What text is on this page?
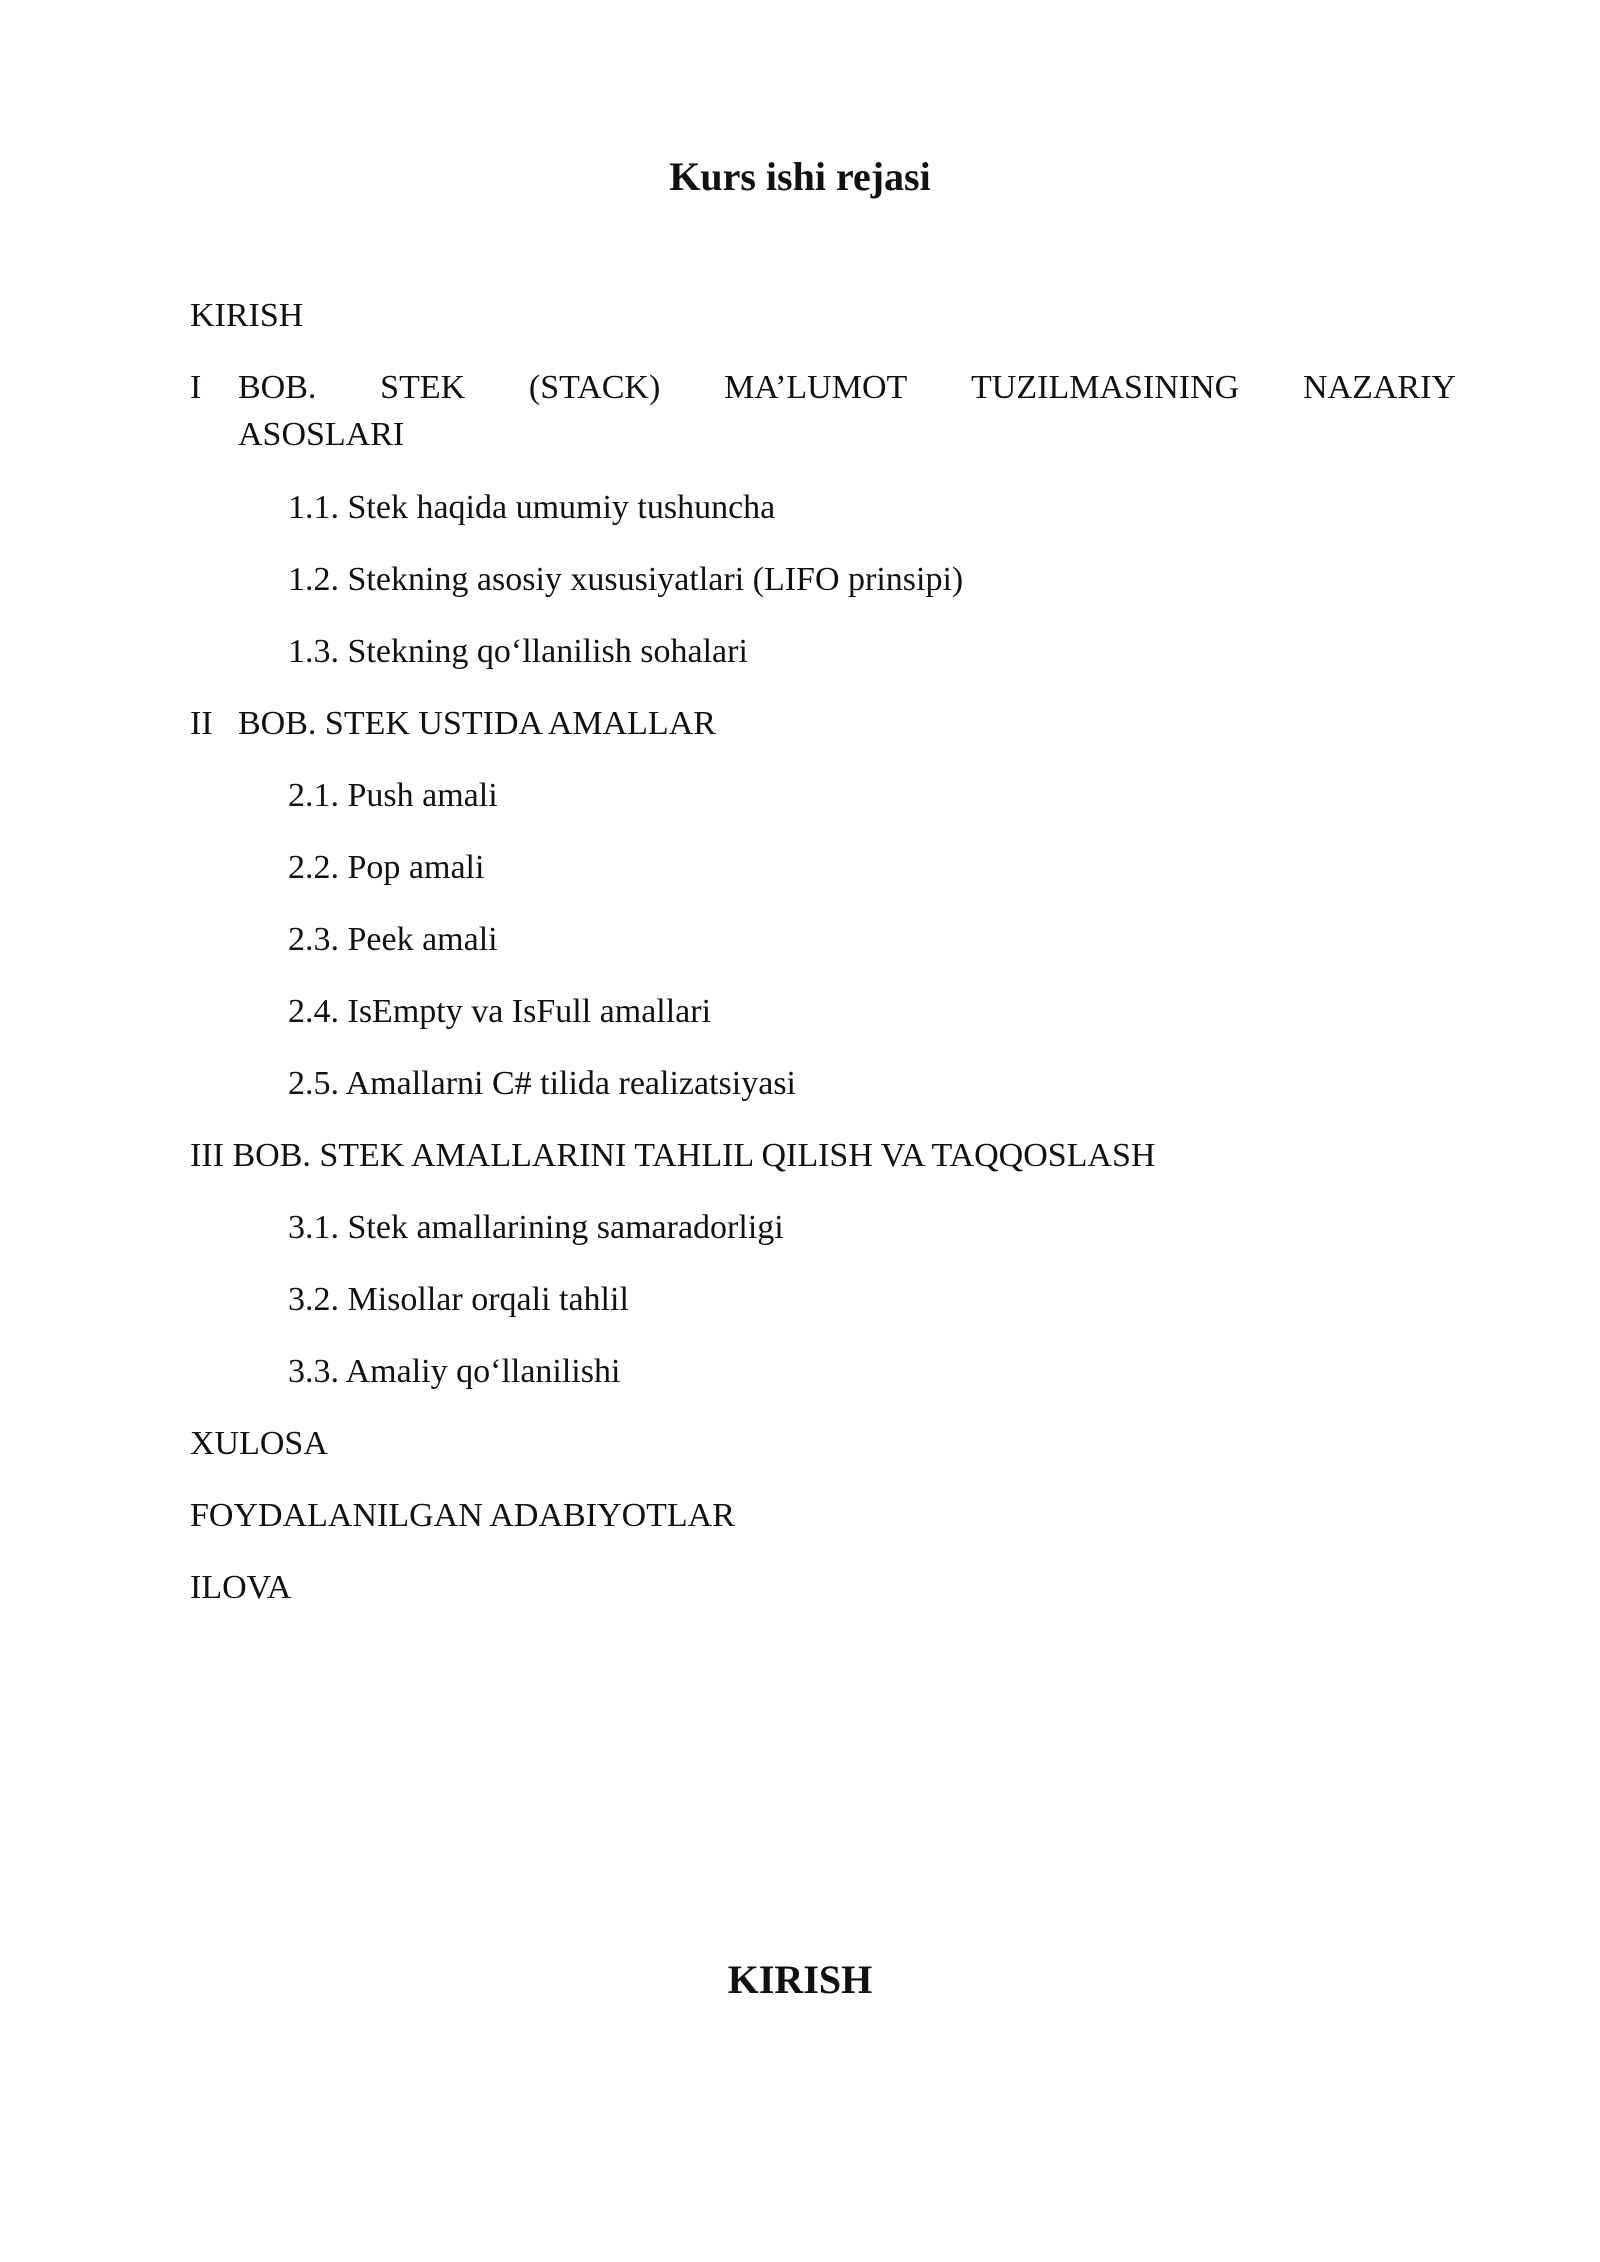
Kurs ishi rejasi
KIRISH
I BOB. STEK (STACK) MA’LUMOT TUZILMASINING NAZARIY
ASOSLARI
1.1. Stek haqida umumiy tushuncha
1.2. Stekning asosiy xususiyatlari (LIFO prinsipi)
1.3. Stekning qo‘llanilish sohalari
II BOB. STEK USTIDA AMALLAR
2.1. Push amali
2.2. Pop amali
2.3. Peek amali
2.4. IsEmpty va IsFull amallari
2.5. Amallarni C# tilida realizatsiyasi
III BOB. STEK AMALLARINI TAHLIL QILISH VA TAQQOSLASH
3.1. Stek amallarining samaradorligi
3.2. Misollar orqali tahlil
3.3. Amaliy qo‘llanilishi
XULOSA
FOYDALANILGAN ADABIYOTLAR
ILOVA
KIRISH
